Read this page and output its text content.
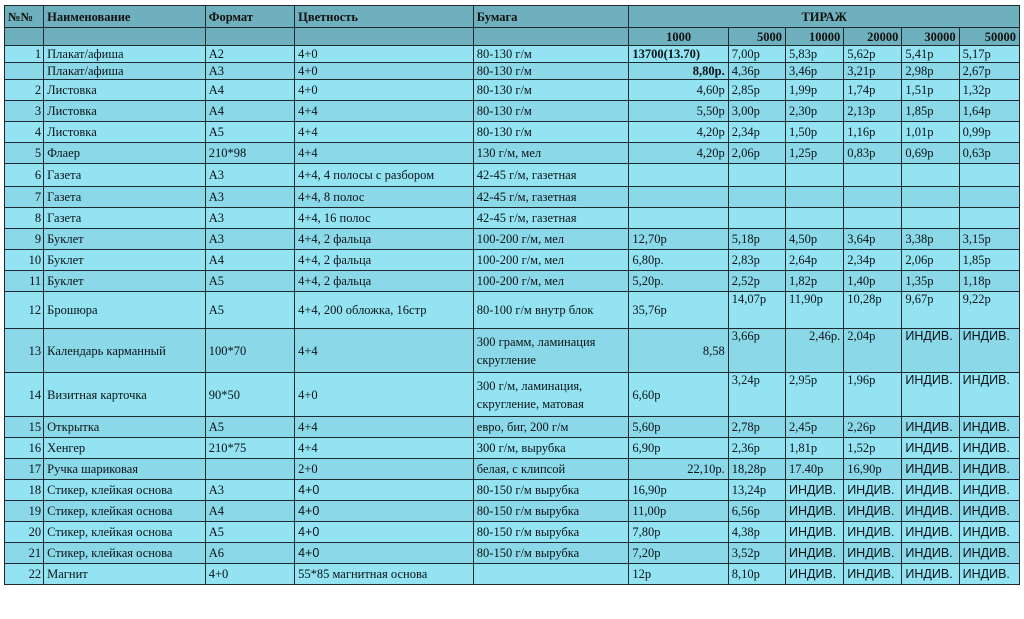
№№	Наименование	Формат	Цветность	Бумага	ТИРАЖ					
					1000	5000	10000	20000	30000	50000
1	Плакат/афиша	A2	4+0	80-130 г/м	13700(13.70)	7,00р	5,83р	5,62р	5,41р	5,17р
	Плакат/афиша	A3	4+0	80-130 г/м	8,80р.	4,36р	3,46р	3,21р	2,98р	2,67р
2	Листовка	A4	4+0	80-130 г/м	4,60р	2,85р	1,99р	1,74р	1,51р	1,32р
3	Листовка	A4	4+4	80-130 г/м	5,50р	3,00р	2,30р	2,13р	1,85р	1,64р
4	Листовка	A5	4+4	80-130 г/м	4,20р	2,34р	1,50р	1,16р	1,01р	0,99р
5	Флаер	210*98	4+4	130 г/м, мел	4,20р	2,06р	1,25р	0,83р	0,69р	0,63р
6	Газета	A3	4+4, 4 полосы с разбором	42-45 г/м, газетная						
7	Газета	A3	4+4, 8 полос	42-45 г/м, газетная						
8	Газета	A3	4+4, 16 полос	42-45 г/м, газетная						
9	Буклет	A3	4+4, 2 фальца	100-200 г/м, мел	12,70р	5,18р	4,50р	3,64р	3,38р	3,15р
10	Буклет	A4	4+4, 2 фальца	100-200 г/м, мел	6,80р.	2,83р	2,64р	2,34р	2,06р	1,85р
11	Буклет	A5	4+4, 2 фальца	100-200 г/м, мел	5,20р.	2,52р	1,82р	1,40р	1,35р	1,18р
12	Брошюра	A5	4+4, 200 обложка, 16стр	80-100 г/м внутр блок	35,76р	14,07р	11,90р	10,28р	9,67р	9,22р
13	Календарь карманный	100*70	4+4	300 грамм, ламинация скругление	8,58	3,66р	2,46р.	2,04р	ИНДИВ.	ИНДИВ.
14	Визитная карточка	90*50	4+0	300 г/м, ламинация, скругление, матовая	6,60р	3,24р	2,95р	1,96р	ИНДИВ.	ИНДИВ.
15	Открытка	A5	4+4	евро, биг, 200 г/м	5,60р	2,78р	2,45р	2,26р	ИНДИВ.	ИНДИВ.
16	Хенгер	210*75	4+4	300 г/м, вырубка	6,90р	2,36р	1,81р	1,52р	ИНДИВ.	ИНДИВ.
17	Ручка шариковая		2+0	белая, с клипсой	22,10р.	18,28р	17.40р	16,90р	ИНДИВ.	ИНДИВ.
18	Стикер, клейкая основа	A3	4+0	80-150 г/м вырубка	16,90р	13,24р	ИНДИВ.	ИНДИВ.	ИНДИВ.	ИНДИВ.
19	Стикер, клейкая основа	A4	4+0	80-150 г/м вырубка	11,00р	6,56р	ИНДИВ.	ИНДИВ.	ИНДИВ.	ИНДИВ.
20	Стикер, клейкая основа	A5	4+0	80-150 г/м вырубка	7,80р	4,38р	ИНДИВ.	ИНДИВ.	ИНДИВ.	ИНДИВ.
21	Стикер, клейкая основа	A6	4+0	80-150 г/м вырубка	7,20р	3,52р	ИНДИВ.	ИНДИВ.	ИНДИВ.	ИНДИВ.
22	Магнит	4+0	55*85 магнитная основа		12р	8,10р	ИНДИВ.	ИНДИВ.	ИНДИВ.	ИНДИВ.
